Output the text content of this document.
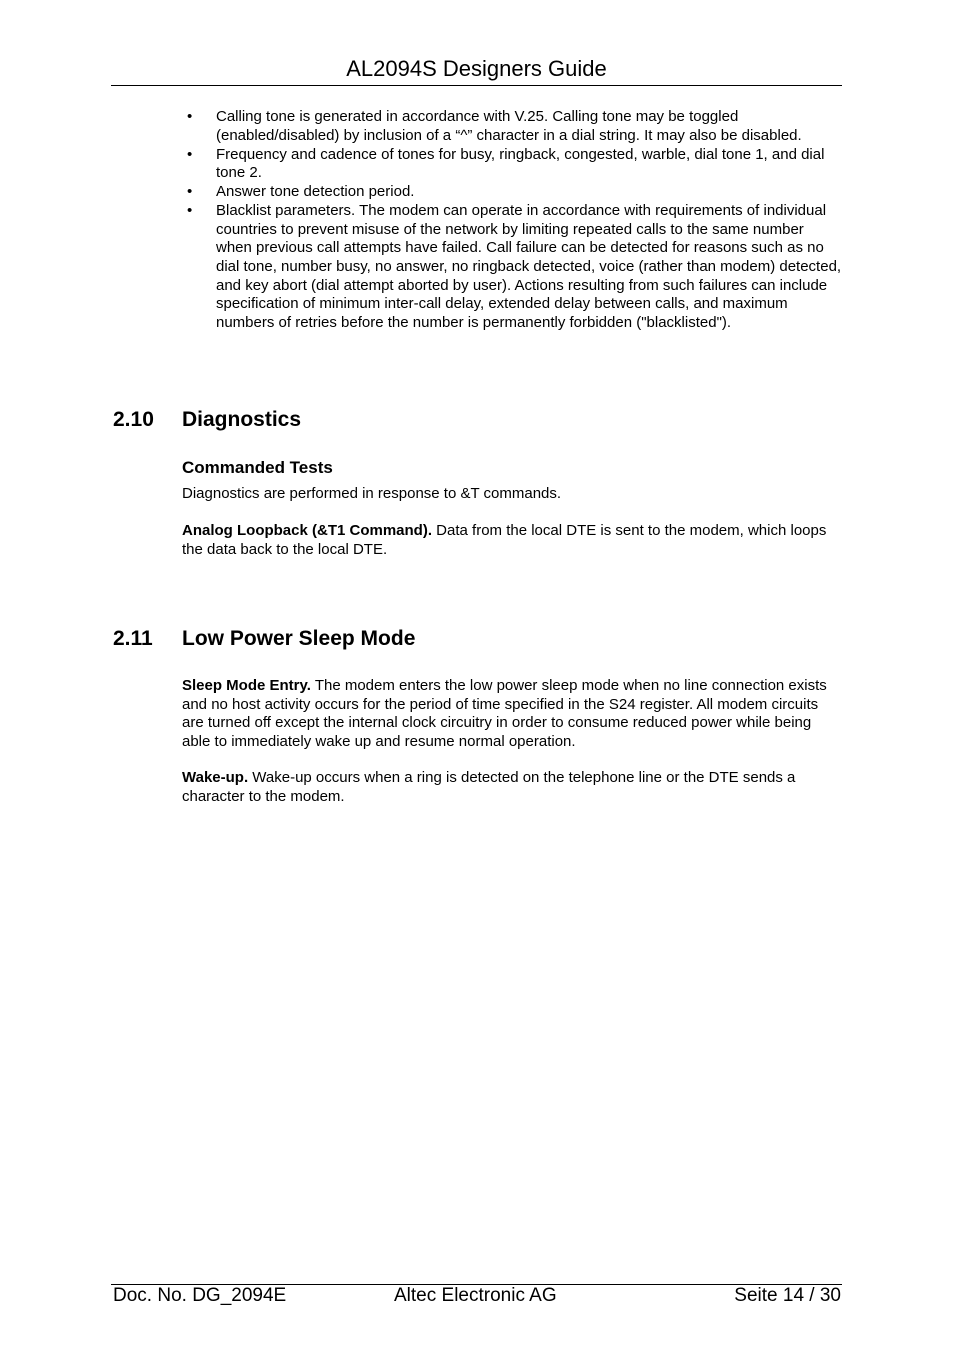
AL2094S Designers Guide
• Calling tone is generated in accordance with V.25. Calling tone may be toggled (enabled/disabled) by inclusion of a “^” character in a dial string. It may also be disabled.
• Frequency and cadence of tones for busy, ringback, congested, warble, dial tone 1, and dial tone 2.
• Answer tone detection period.
• Blacklist parameters. The modem can operate in accordance with requirements of individual countries to prevent misuse of the network by limiting repeated calls to the same number when previous call attempts have failed. Call failure can be detected for reasons such as no dial tone, number busy, no answer, no ringback detected, voice (rather than modem) detected, and key abort (dial attempt aborted by user). Actions resulting from such failures can include specification of minimum inter-call delay, extended delay between calls, and maximum numbers of retries before the number is permanently forbidden ("blacklisted").
2.10 Diagnostics
Commanded Tests

Diagnostics are performed in response to &T commands.

Analog Loopback (&T1 Command). Data from the local DTE is sent to the modem, which loops the data back to the local DTE.

2.11 Low Power Sleep Mode

Sleep Mode Entry. The modem enters the low power sleep mode when no line connection exists and no host activity occurs for the period of time specified in the S24 register. All modem circuits are turned off except the internal clock circuitry in order to consume reduced power while being able to immediately wake up and resume normal operation.

Wake-up. Wake-up occurs when a ring is detected on the telephone line or the DTE sends a character to the modem.

Doc. No. DG_2094E	Altec Electronic AG	Seite 14 / 30
